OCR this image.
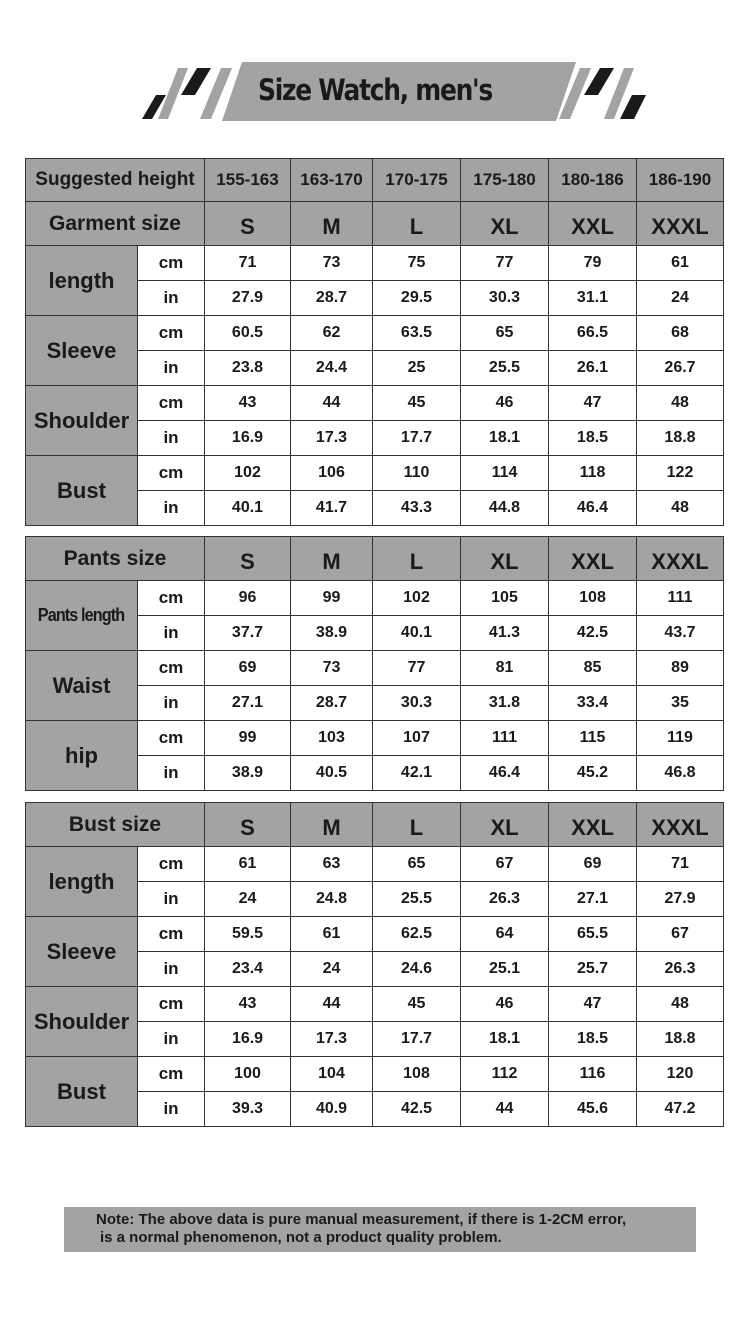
Size Watch, men's
Suggested height		155-163	163-170	170-175	175-180	180-186	186-190
Garment size		S	M	L	XL	XXL	XXXL
length	cm	71	73	75	77	79	61
	in	27.9	28.7	29.5	30.3	31.1	24
Sleeve	cm	60.5	62	63.5	65	66.5	68
	in	23.8	24.4	25	25.5	26.1	26.7
Shoulder	cm	43	44	45	46	47	48
	in	16.9	17.3	17.7	18.1	18.5	18.8
Bust	cm	102	106	110	114	118	122
	in	40.1	41.7	43.3	44.8	46.4	48
Pants size		S	M	L	XL	XXL	XXXL
Pants length	cm	96	99	102	105	108	111
	in	37.7	38.9	40.1	41.3	42.5	43.7
Waist	cm	69	73	77	81	85	89
	in	27.1	28.7	30.3	31.8	33.4	35
hip	cm	99	103	107	111	115	119
	in	38.9	40.5	42.1	46.4	45.2	46.8
Bust size		S	M	L	XL	XXL	XXXL
length	cm	61	63	65	67	69	71
	in	24	24.8	25.5	26.3	27.1	27.9
Sleeve	cm	59.5	61	62.5	64	65.5	67
	in	23.4	24	24.6	25.1	25.7	26.3
Shoulder	cm	43	44	45	46	47	48
	in	16.9	17.3	17.7	18.1	18.5	18.8
Bust	cm	100	104	108	112	116	120
	in	39.3	40.9	42.5	44	45.6	47.2
Note: The above data is pure manual measurement, if there is 1-2CM error,
is a normal phenomenon, not a product quality problem.
